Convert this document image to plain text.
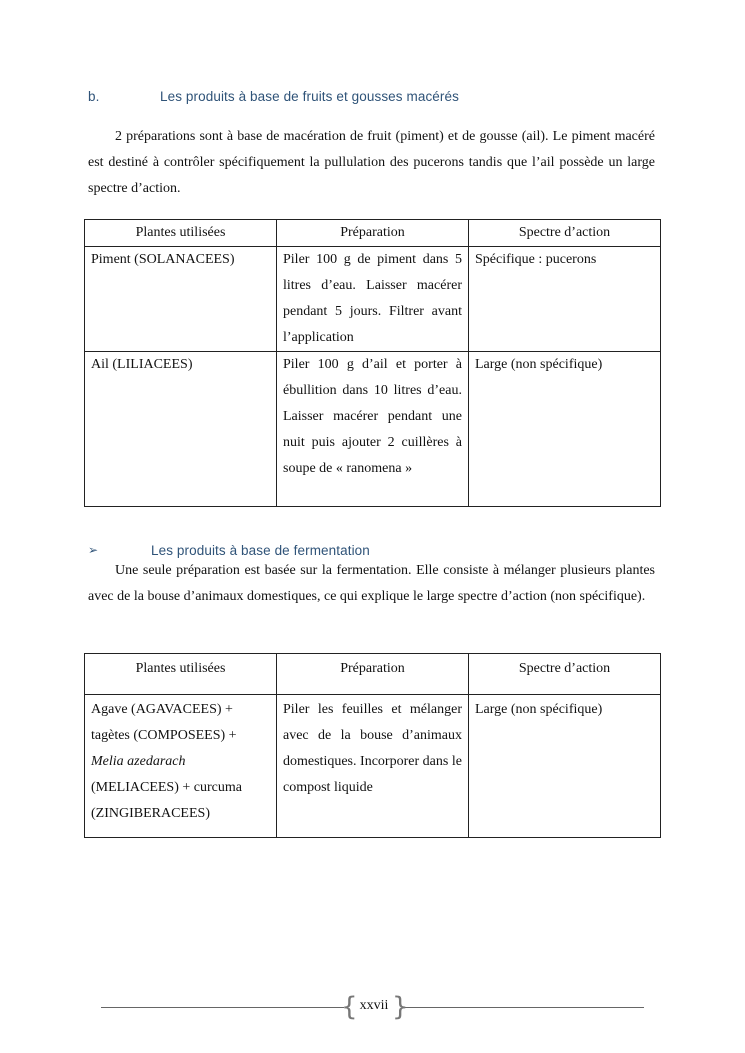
b.	Les produits à base de fruits et gousses macérés

2 préparations sont à base de macération de fruit (piment) et de gousse (ail). Le piment macéré est destiné à contrôler spécifiquement la pullulation des pucerons tandis que l’ail possède un large spectre d’action.

Plantes utilisées	Préparation	Spectre d’action
Piment (SOLANACEES)	Piler 100 g de piment dans 5 litres d’eau. Laisser macérer pendant 5 jours. Filtrer avant l’application	Spécifique : pucerons
Ail (LILIACEES)	Piler 100 g d’ail et porter à ébullition dans 10 litres d’eau. Laisser macérer pendant une nuit puis ajouter 2 cuillères à soupe de « ranomena »	Large (non spécifique)
➢	Les produits à base de fermentation

Une seule préparation est basée sur la fermentation. Elle consiste à mélanger plusieurs plantes avec de la bouse d’animaux domestiques, ce qui explique le large spectre d’action (non spécifique).

Plantes utilisées	Préparation	Spectre d’action

Agave (AGAVACEES) +
tagètes (COMPOSEES) +
Melia azedarach
(MELIACEES) + curcuma
(ZINGIBERACEES)	Piler les feuilles et mélanger avec de la bouse d’animaux domestiques. Incorporer dans le compost liquide	Large (non spécifique)
{ }
xxvii
